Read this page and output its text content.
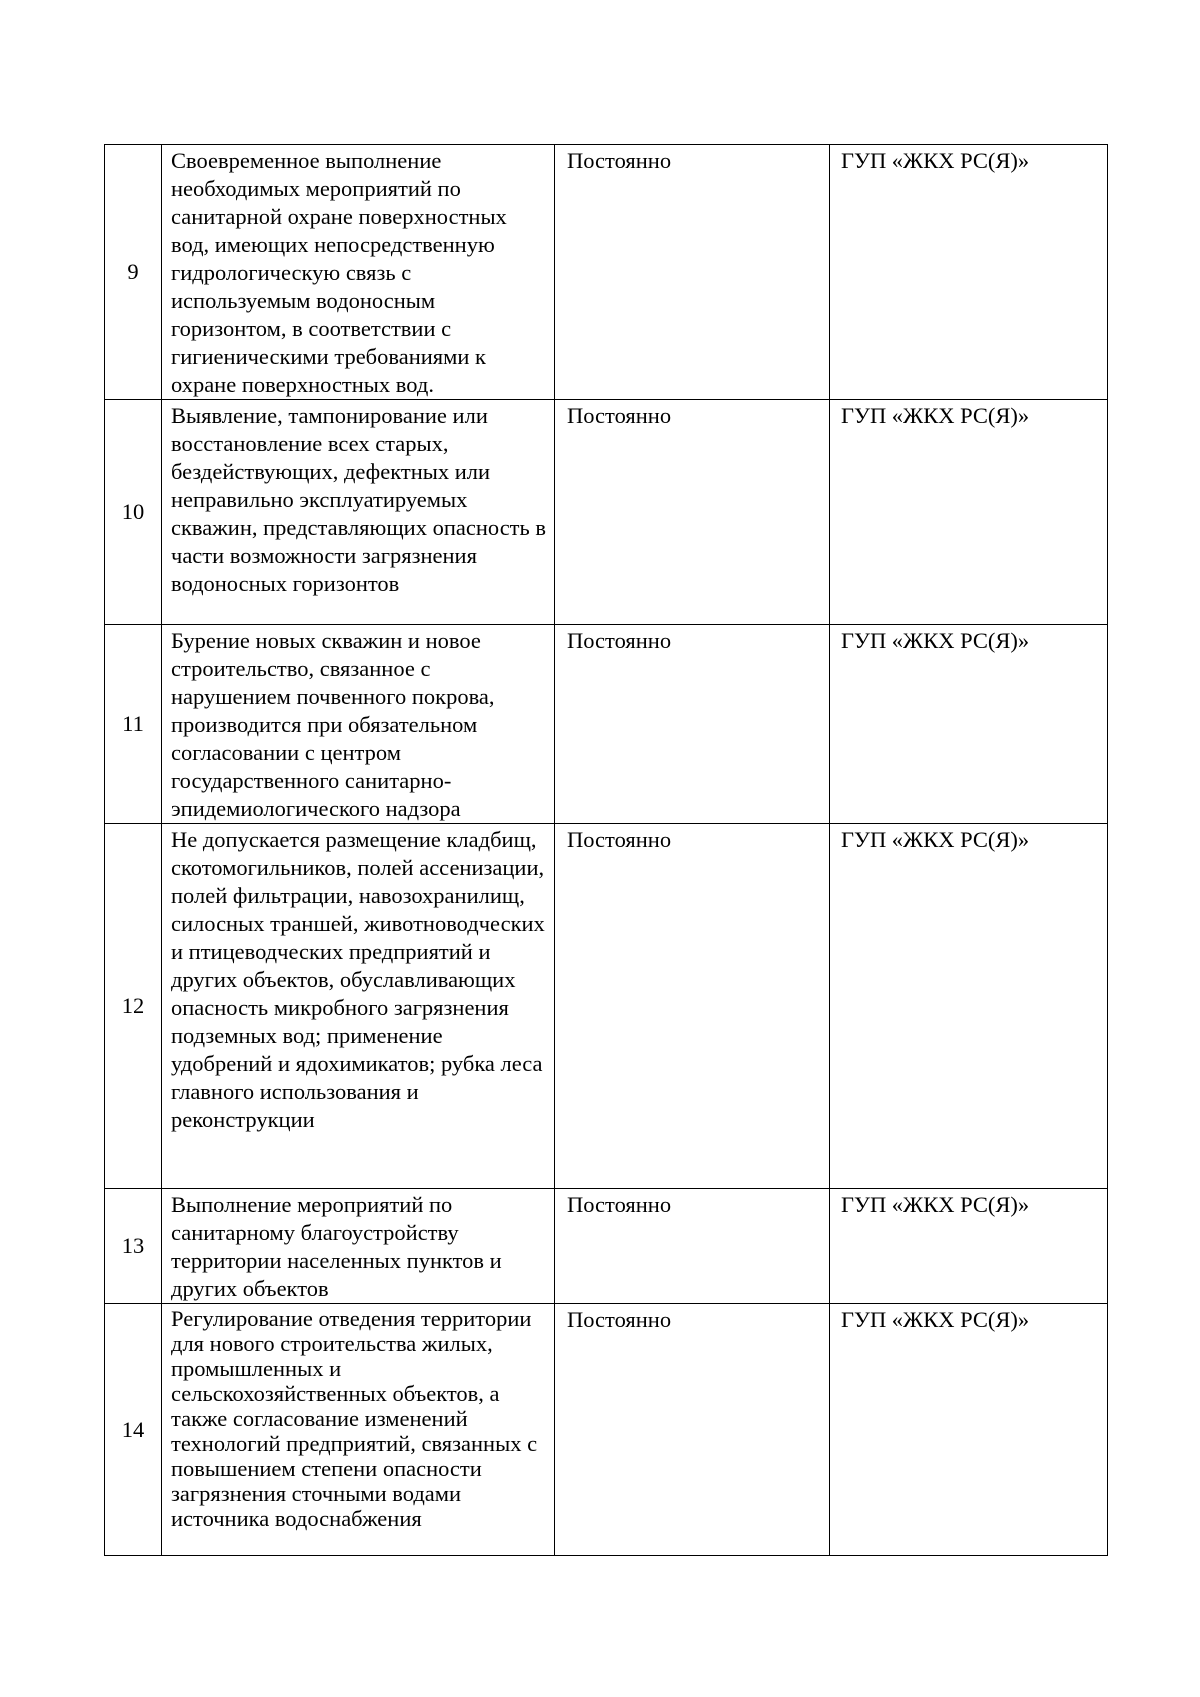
9	Своевременное выполнение необходимых мероприятий по санитарной охране поверхностных вод, имеющих непосредственную гидрологическую связь с используемым водоносным горизонтом, в соответствии с гигиеническими требованиями к охране поверхностных вод.	Постоянно	ГУП «ЖКХ РС(Я)»
10	Выявление, тампонирование или восстановление всех старых, бездействующих, дефектных или неправильно эксплуатируемых скважин, представляющих опасность в части возможности загрязнения водоносных горизонтов	Постоянно	ГУП «ЖКХ РС(Я)»
11	Бурение новых скважин и новое строительство, связанное с нарушением почвенного покрова, производится при обязательном согласовании с центром государственного санитарно-эпидемиологического надзора	Постоянно	ГУП «ЖКХ РС(Я)»
12	Не допускается размещение кладбищ, скотомогильников, полей ассенизации, полей фильтрации, навозохранилищ, силосных траншей, животноводческих и птицеводческих предприятий и других объектов, обуславливающих опасность микробного загрязнения подземных вод; применение удобрений и ядохимикатов; рубка леса главного использования и реконструкции	Постоянно	ГУП «ЖКХ РС(Я)»
13	Выполнение мероприятий по санитарному благоустройству территории населенных пунктов и других объектов	Постоянно	ГУП «ЖКХ РС(Я)»
14	Регулирование отведения территории для нового строительства жилых, промышленных и сельскохозяйственных объектов, а также согласование изменений технологий предприятий, связанных с повышением степени опасности загрязнения сточными водами источника водоснабжения	Постоянно	ГУП «ЖКХ РС(Я)»
